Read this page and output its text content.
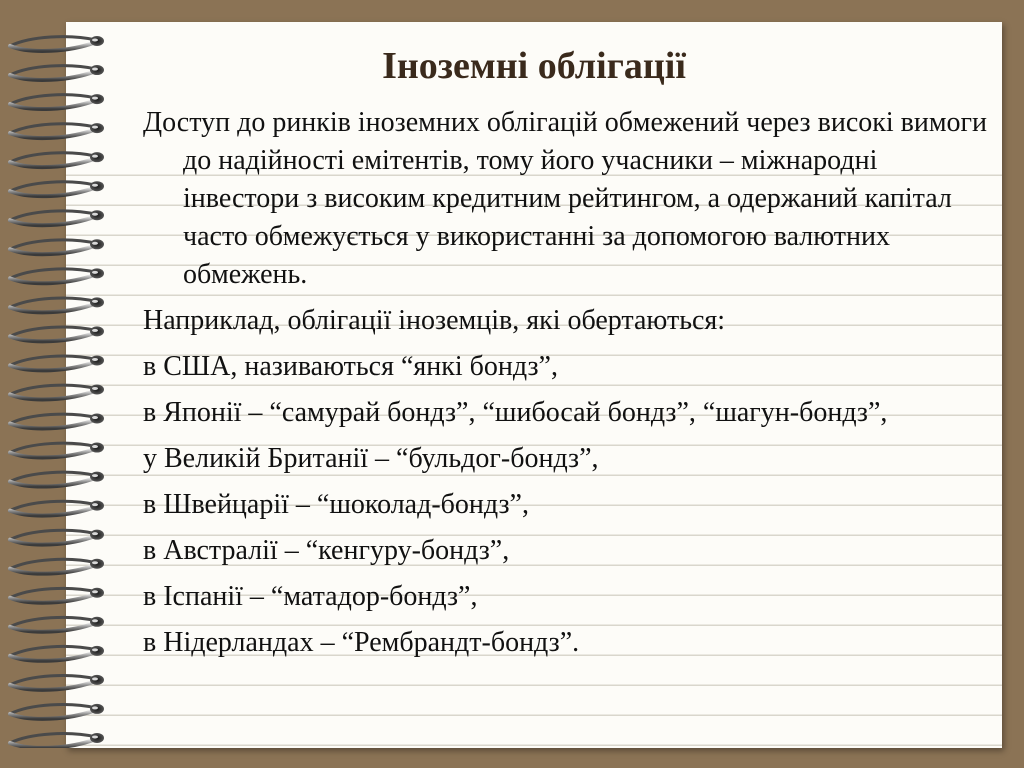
Іноземні облігації

Доступ до ринків іноземних облігацій обмежений через високі вимоги до надійності емітентів, тому його учасники – міжнародні інвестори з високим кредитним рейтингом, а одержаний капітал часто обмежується у використанні за допомогою валютних обмежень.

Наприклад, облігації іноземців, які обертаються:

в США, називаються “янкі бондз”,

в Японії – “самурай бондз”, “шибосай бондз”, “шагун-бондз”,

у Великій Британії – “бульдог-бондз”,

в Швейцарії – “шоколад-бондз”,

в Австралії – “кенгуру-бондз”,

в Іспанії – “матадор-бондз”,

в Нідерландах – “Рембрандт-бондз”.
